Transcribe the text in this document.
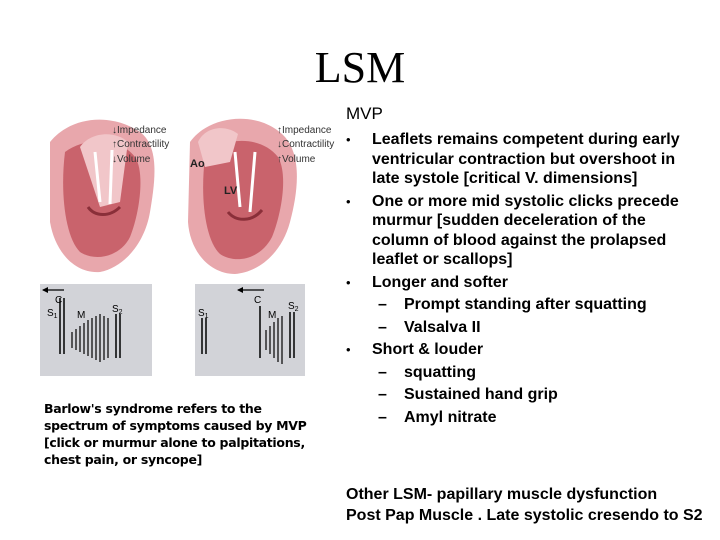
LSM
↓Impedance
↑Contractility
↓Volume
↑Impedance
↓Contractility
↑Volume
Ao
LV
$S_1$
C
M
$S_2$	$S_1$
C
M
$S_2$
Barlow's syndrome refers to the spectrum of symptoms caused by MVP [click or murmur alone to palpitations, chest pain, or syncope]
MVP
• Leaflets remains competent during early ventricular contraction but overshoot in late systole [critical V. dimensions]
• One or more mid systolic clicks precede murmur [sudden deceleration of the column of blood against the prolapsed leaflet or scallops]
• Longer and softer
– Prompt standing after squatting
– Valsalva II
• Short & louder
– squatting
– Sustained hand grip
– Amyl nitrate
Other LSM- papillary muscle dysfunction
Post Pap Muscle . Late systolic cresendo to S2
